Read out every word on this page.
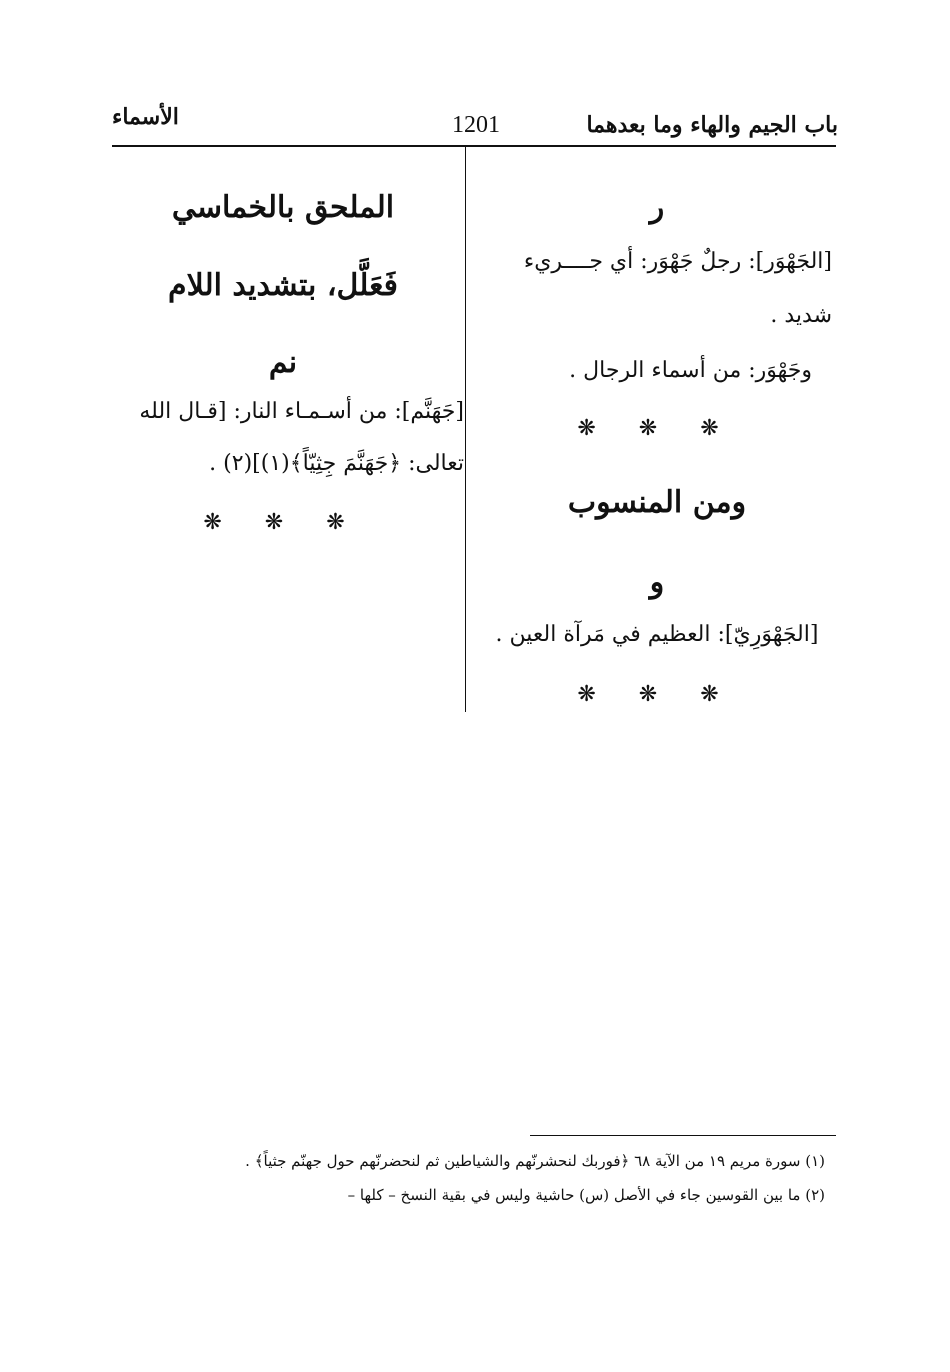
باب الجيم والهاء وما بعدهما
1201
الأسماء
ر
[الجَهْوَر]: رجلٌ جَهْوَر: أي جــــريء
شديد .
وجَهْوَر: من أسماء الرجال .
❋ ❋ ❋
ومن المنسوب
و
[الجَهْوَرِيّ]: العظيم في مَرآة العين .
❋ ❋ ❋
الملحق بالخماسي
فَعَلَّل، بتشديد اللام
نم
[جَهَنَّم]: من أسـمـاء النار: [قـال الله
تعالى: ﴿جَهَنَّمَ جِثِيّاً﴾(١)](٢) .
❋ ❋ ❋
(١) سورة مريم ١٩ من الآية ٦٨ ﴿فوربك لنحشرنّهم والشياطين ثم لنحضرنّهم حول جهنّم جثياً﴾ .
(٢) ما بين القوسين جاء في الأصل (س) حاشية وليس في بقية النسخ – كلها –
